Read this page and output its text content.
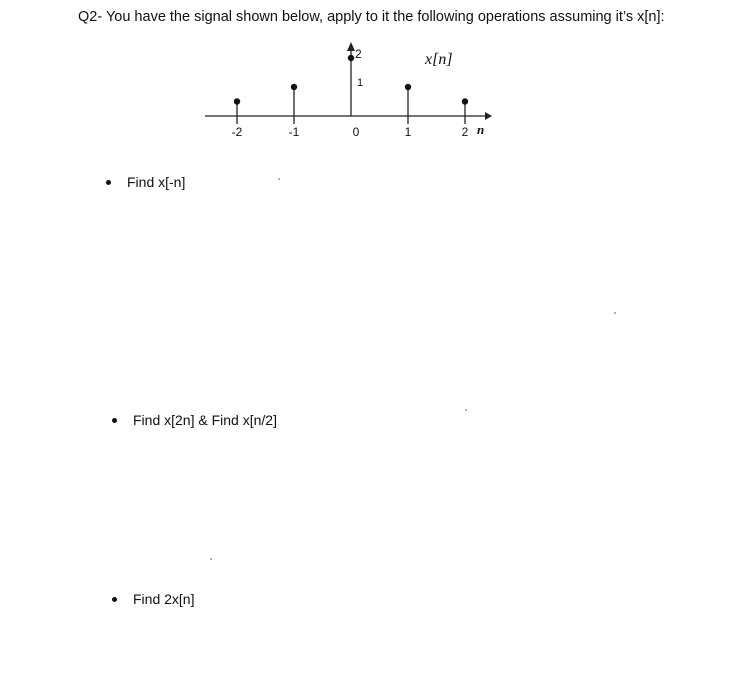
Q2- You have the signal shown below, apply to it the following operations assuming it’s x[n]:
x[n]
n
2
1
-2	-1	0	1	2
Find x[-n]
Find x[2n] & Find x[n/2]
Find 2x[n]
